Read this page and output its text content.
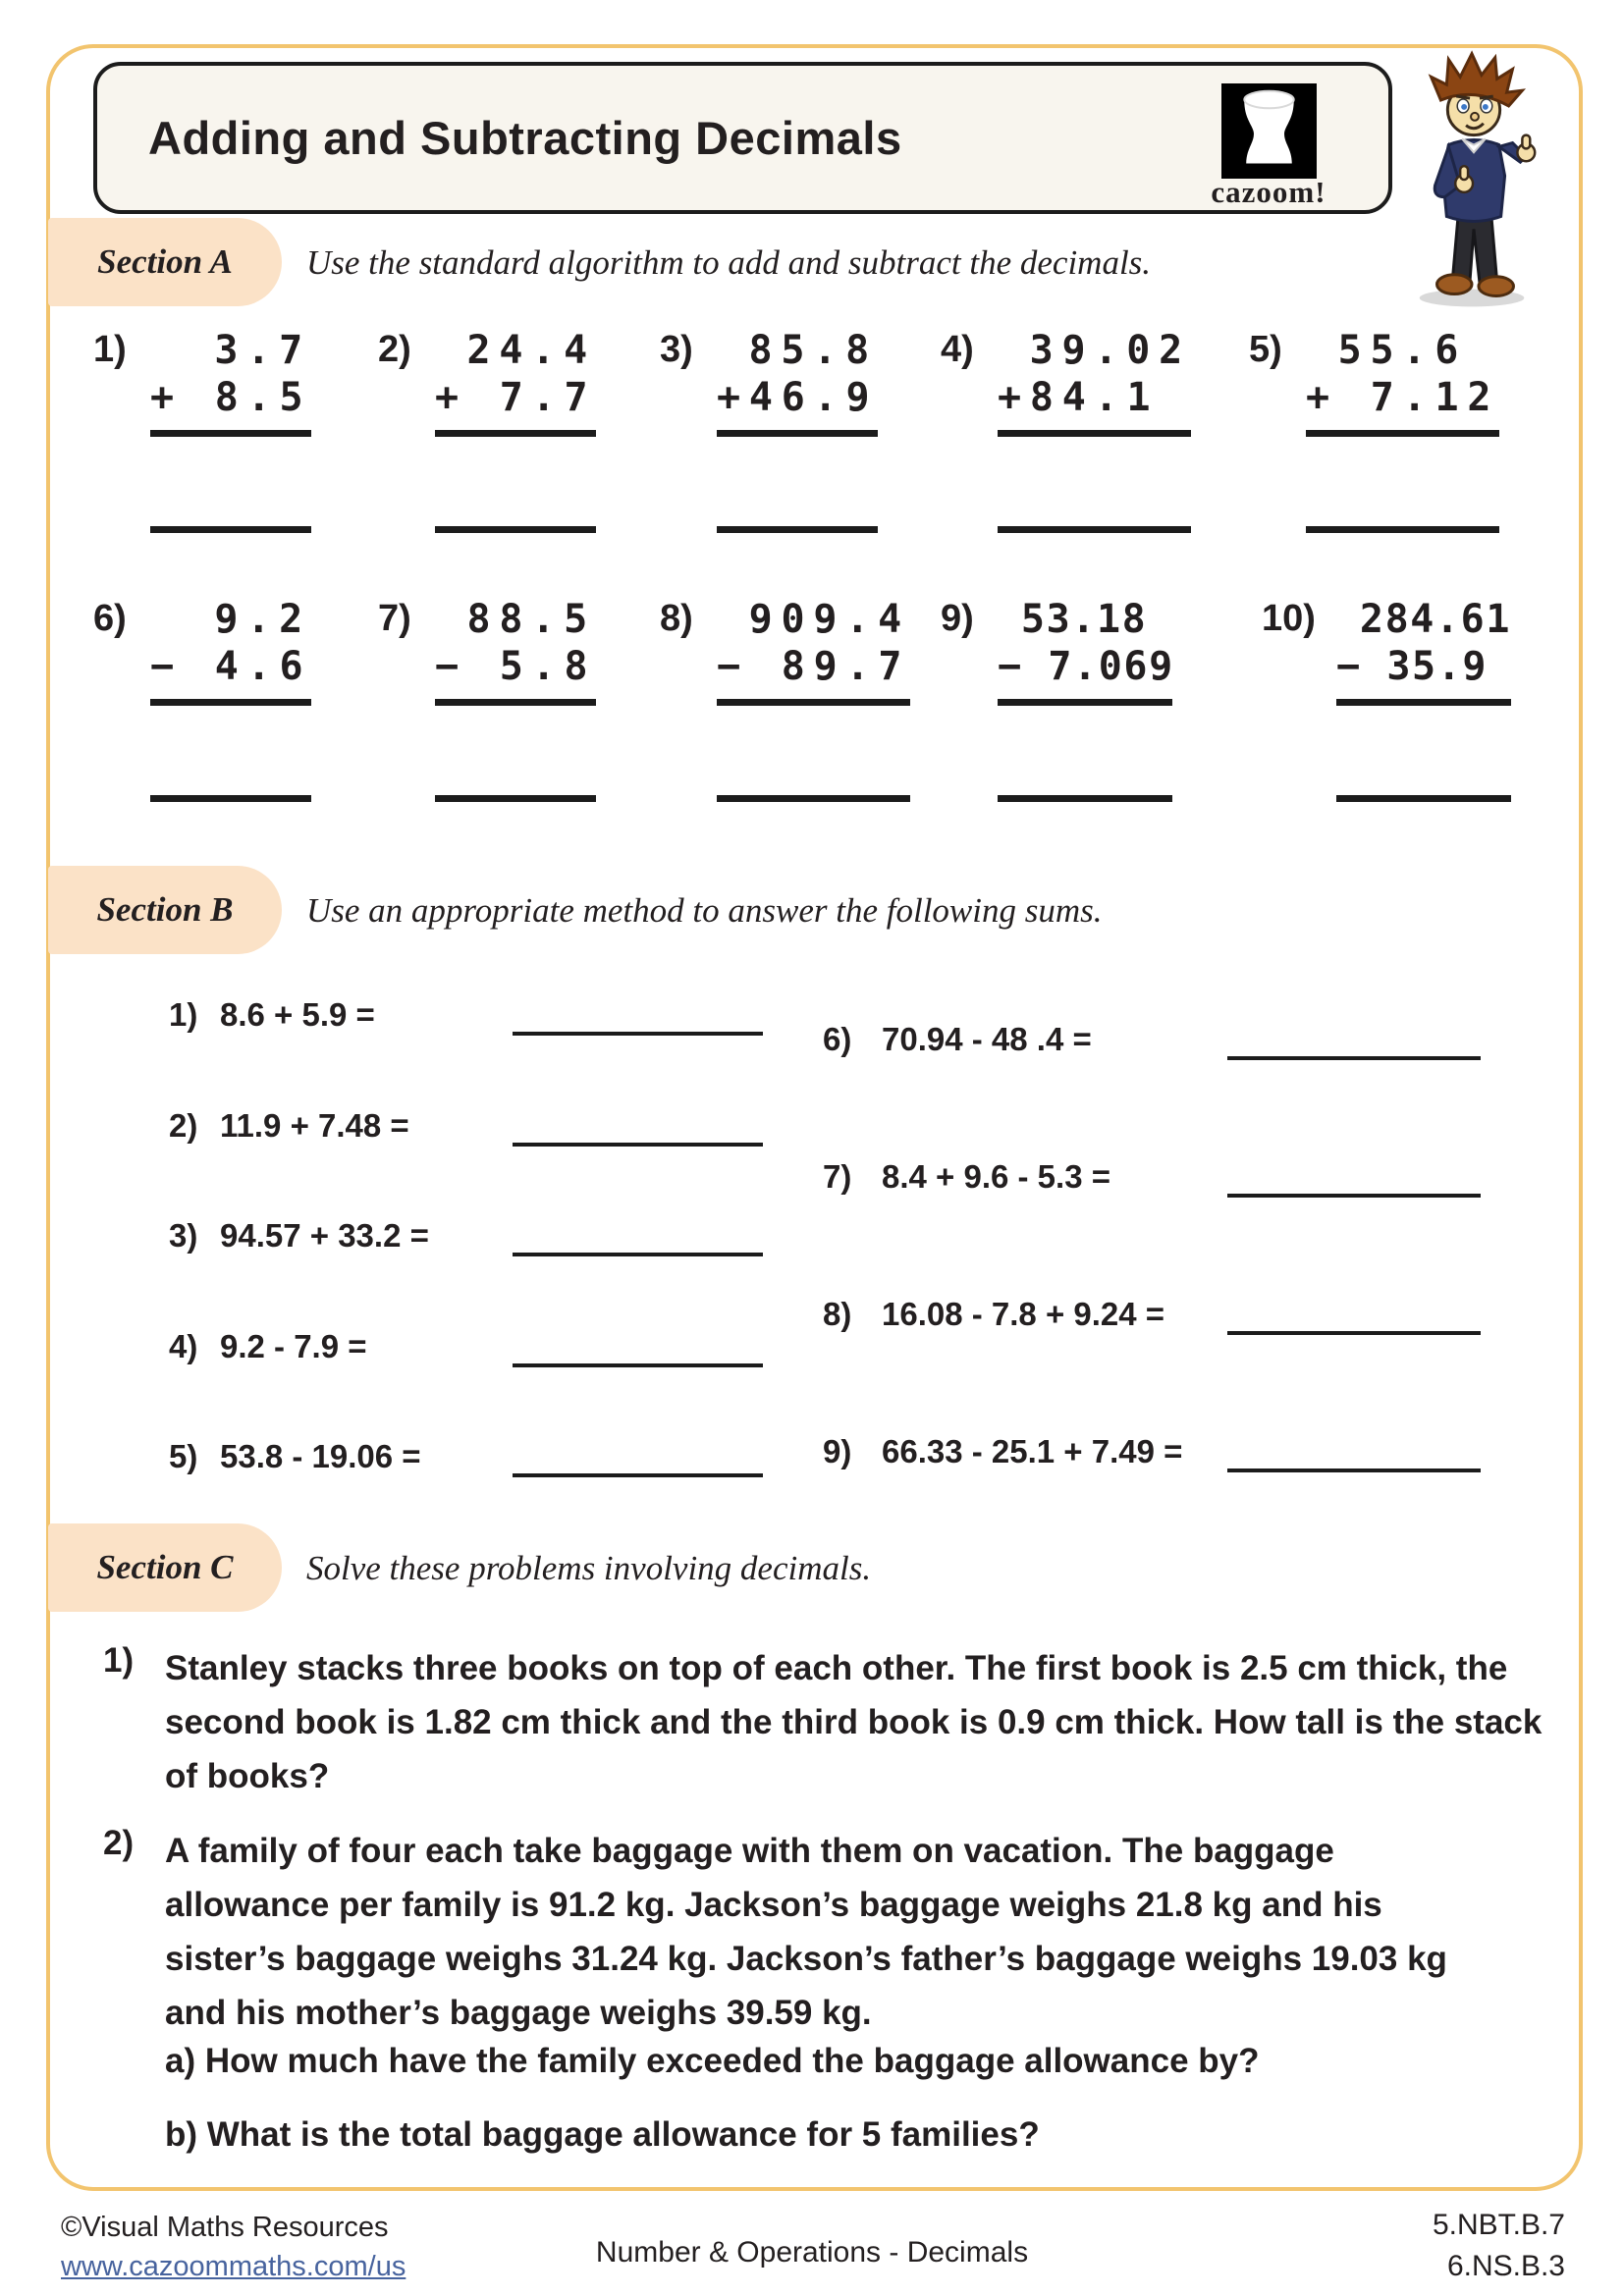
Adding and Subtracting Decimals
cazoom!
Section A Use the standard algorithm to add and subtract the decimals.
1)	3.7
+ 8.5
2)	24.4
+ 7.7
3)	85.8
+46.9
4)	39.02
+84.1
5)	55.6
+ 7.12
6)	9.2
− 4.6
7)	88.5
− 5.8
8)	909.4
− 89.7
9)	53.18
− 7.069
10)	284.61
− 35.9
Section B Use an appropriate method to answer the following sums.
1) 8.6 + 5.9 =
2) 11.9 + 7.48 =
3) 94.57 + 33.2 =
4) 9.2 - 7.9 =
5) 53.8 - 19.06 =
6) 70.94 - 48 .4 =
7) 8.4 + 9.6 - 5.3 =
8) 16.08 - 7.8 + 9.24 =
9) 66.33 - 25.1 + 7.49 =
Section C Solve these problems involving decimals.
1) Stanley stacks three books on top of each other. The first book is 2.5 cm thick, the second book is 1.82 cm thick and the third book is 0.9 cm thick. How tall is the stack of books?
2) A family of four each take baggage with them on vacation. The baggage allowance per family is 91.2 kg. Jackson’s baggage weighs 21.8 kg and his sister’s baggage weighs 31.24 kg. Jackson’s father’s baggage weighs 19.03 kg and his mother’s baggage weighs 39.59 kg.
a) How much have the family exceeded the baggage allowance by?
b) What is the total baggage allowance for 5 families?
©Visual Maths Resources
www.cazoommaths.com/us	Number & Operations - Decimals
5.NBT.B.7
6.NS.B.3
